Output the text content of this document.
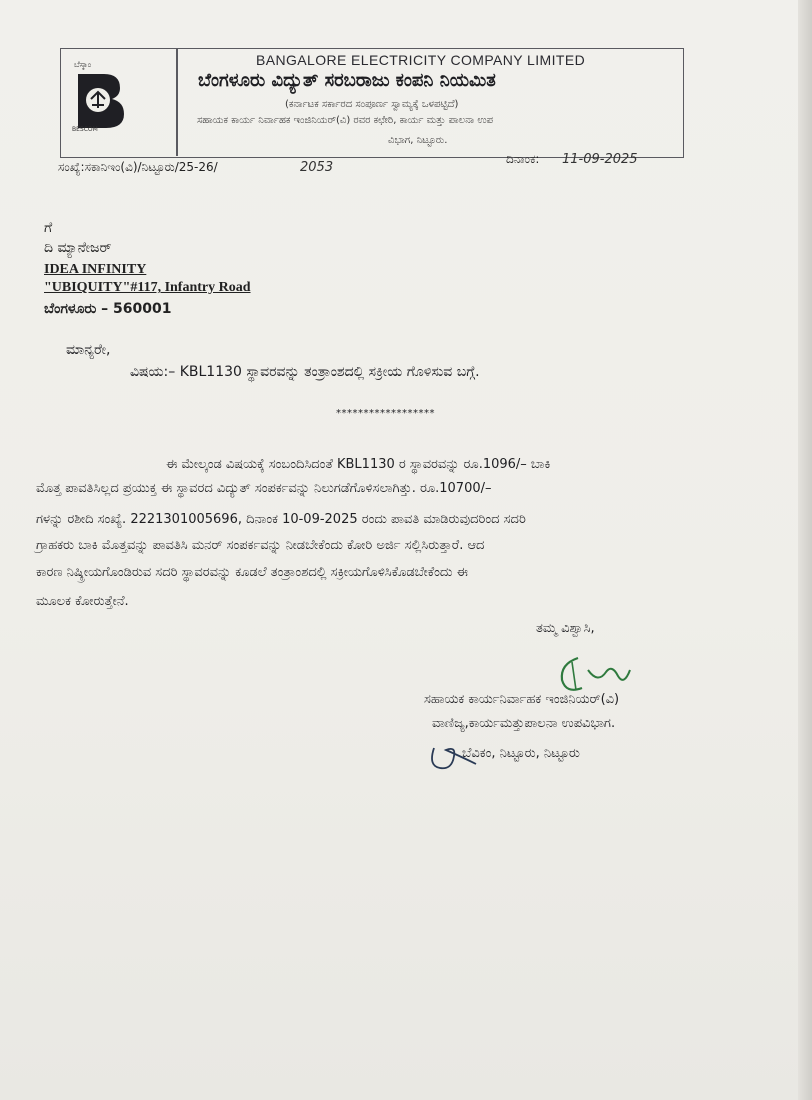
ಬೆಸ್ಕಾಂ
BESCOM
BANGALORE ELECTRICITY COMPANY LIMITED
ಬೆಂಗಳೂರು ವಿದ್ಯುತ್ ಸರಬರಾಜು ಕಂಪನಿ ನಿಯಮಿತ
(ಕರ್ನಾಟಕ ಸರ್ಕಾರದ ಸಂಪೂರ್ಣ ಸ್ವಾಮ್ಯಕ್ಕೆ ಒಳಪಟ್ಟಿದೆ)
ಸಹಾಯಕ ಕಾರ್ಯ ನಿರ್ವಾಹಕ ಇಂಜಿನಿಯರ್(ವಿ) ರವರ ಕಛೇರಿ, ಕಾರ್ಯ ಮತ್ತು ಪಾಲನಾ ಉಪ
ವಿಭಾಗ, ನಿಟ್ಟೂರು.
ಸಂಖ್ಯೆ:ಸಕಾನಿಇಂ(ವಿ)/ನಿಟ್ಟೂರು/25-26/	2053
ದಿನಾಂಕ: 11-09-2025
ಗೆ
ದಿ ಮ್ಯಾನೇಜರ್
IDEA INFINITY
"UBIQUITY"#117, Infantry Road
ಬೆಂಗಳೂರು – 560001
ಮಾನ್ಯರೇ,
ವಿಷಯ:– KBL1130 ಸ್ಥಾವರವನ್ನು ತಂತ್ರಾಂಶದಲ್ಲಿ ಸಕ್ರೀಯ ಗೊಳಿಸುವ ಬಗ್ಗೆ.
******************
ಈ ಮೇಲ್ಕಂಡ ವಿಷಯಕ್ಕೆ ಸಂಬಂದಿಸಿದಂತೆ KBL1130 ರ ಸ್ಥಾವರವನ್ನು ರೂ.1096/– ಬಾಕಿ
ಮೊತ್ತ ಪಾವತಿಸಿಲ್ಲದ ಪ್ರಯುಕ್ತ ಈ ಸ್ಥಾವರದ ವಿದ್ಯುತ್ ಸಂಪರ್ಕವನ್ನು ನಿಲುಗಡೆಗೊಳಿಸಲಾಗಿತ್ತು. ರೂ.10700/–
ಗಳನ್ನು ರಶೀದಿ ಸಂಖ್ಯೆ. 2221301005696, ದಿನಾಂಕ 10-09-2025 ರಂದು ಪಾವತಿ ಮಾಡಿರುವುದರಿಂದ ಸದರಿ
ಗ್ರಾಹಕರು ಬಾಕಿ ಮೊತ್ತವನ್ನು ಪಾವತಿಸಿ ಮನರ್ ಸಂಪರ್ಕವನ್ನು ನೀಡಬೇಕೆಂದು ಕೋರಿ ಅರ್ಜಿ ಸಲ್ಲಿಸಿರುತ್ತಾರೆ. ಆದ
ಕಾರಣ ನಿಷ್ಕ್ರೀಯಗೊಂಡಿರುವ ಸದರಿ ಸ್ಥಾವರವನ್ನು ಕೂಡಲೆ ತಂತ್ರಾಂಶದಲ್ಲಿ ಸಕ್ರೀಯಗೊಳಿಸಿಕೊಡಬೇಕೆಂದು ಈ
ಮೂಲಕ ಕೋರುತ್ತೇನೆ.
ತಮ್ಮ ವಿಶ್ವಾಸಿ,
ಸಹಾಯಕ ಕಾರ್ಯನಿರ್ವಾಹಕ ಇಂಜಿನಿಯರ್(ವಿ)
ವಾಣಿಜ್ಯ,ಕಾರ್ಯಮತ್ತುಪಾಲನಾ ಉಪವಿಭಾಗ.
ಬೆವಿಕಂ, ನಿಟ್ಟೂರು, ನಿಟ್ಟೂರು
